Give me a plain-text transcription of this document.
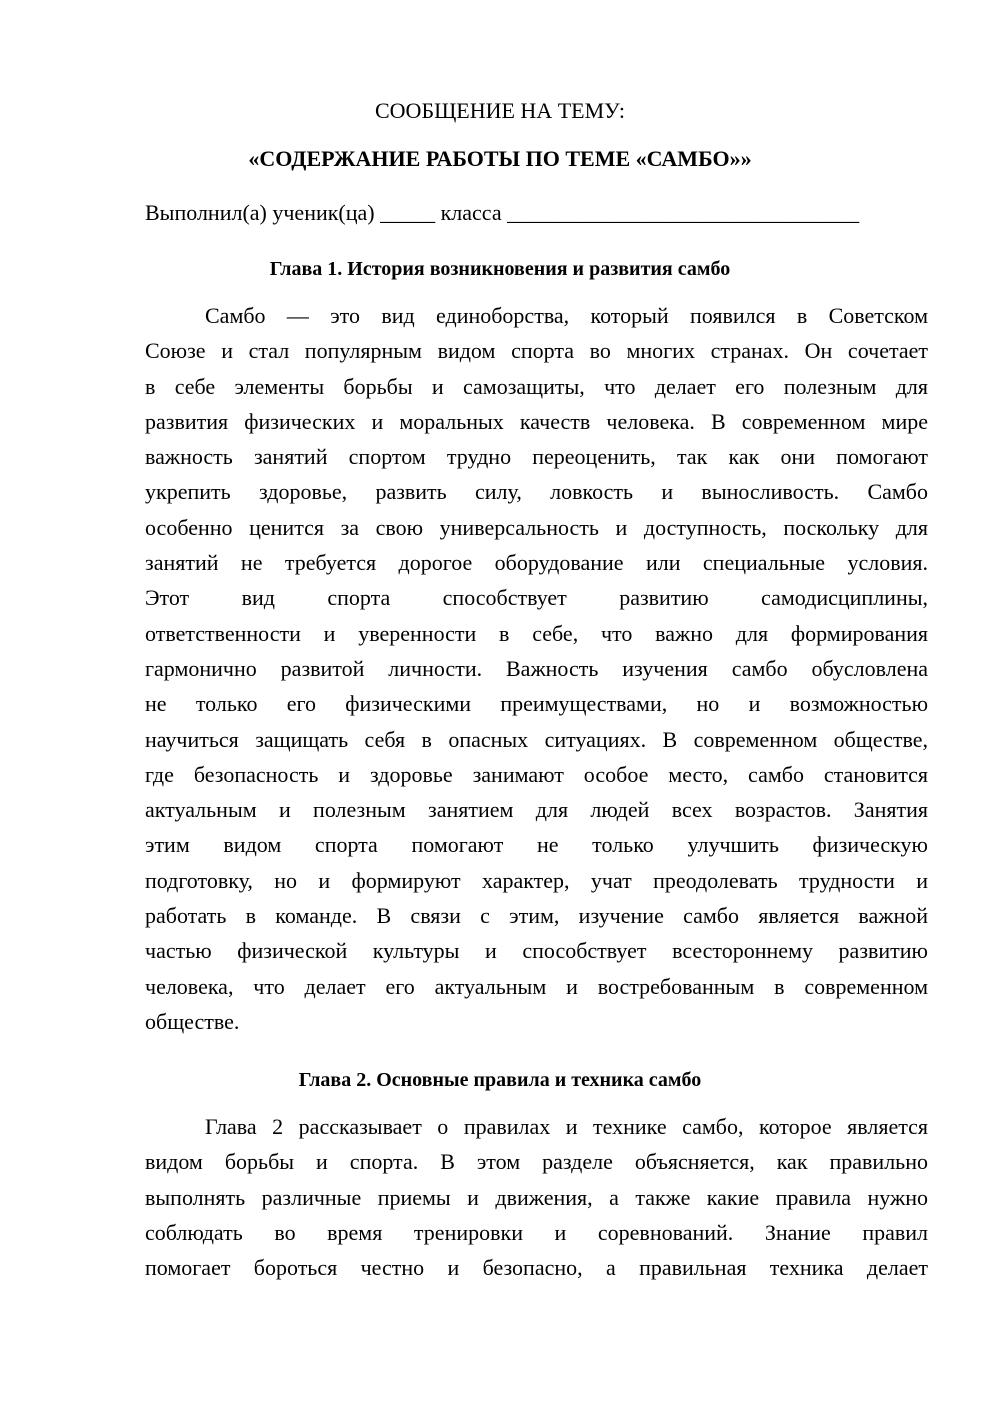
СООБЩЕНИЕ НА ТЕМУ:
«СОДЕРЖАНИЕ РАБОТЫ ПО ТЕМЕ «САМБО»»
Выполнил(а) ученик(ца) _____ класса ________________________________
Глава 1. История возникновения и развития самбо
Самбо — это вид единоборства, который появился в Советском
Союзе и стал популярным видом спорта во многих странах. Он сочетает
в себе элементы борьбы и самозащиты, что делает его полезным для
развития физических и моральных качеств человека. В современном мире
важность занятий спортом трудно переоценить, так как они помогают
укрепить здоровье, развить силу, ловкость и выносливость. Самбо
особенно ценится за свою универсальность и доступность, поскольку для
занятий не требуется дорогое оборудование или специальные условия.
Этот вид спорта способствует развитию самодисциплины,
ответственности и уверенности в себе, что важно для формирования
гармонично развитой личности. Важность изучения самбо обусловлена
не только его физическими преимуществами, но и возможностью
научиться защищать себя в опасных ситуациях. В современном обществе,
где безопасность и здоровье занимают особое место, самбо становится
актуальным и полезным занятием для людей всех возрастов. Занятия
этим видом спорта помогают не только улучшить физическую
подготовку, но и формируют характер, учат преодолевать трудности и
работать в команде. В связи с этим, изучение самбо является важной
частью физической культуры и способствует всестороннему развитию
человека, что делает его актуальным и востребованным в современном
обществе.
Глава 2. Основные правила и техника самбо
Глава 2 рассказывает о правилах и технике самбо, которое является
видом борьбы и спорта. В этом разделе объясняется, как правильно
выполнять различные приемы и движения, а также какие правила нужно
соблюдать во время тренировки и соревнований. Знание правил
помогает бороться честно и безопасно, а правильная техника делает
